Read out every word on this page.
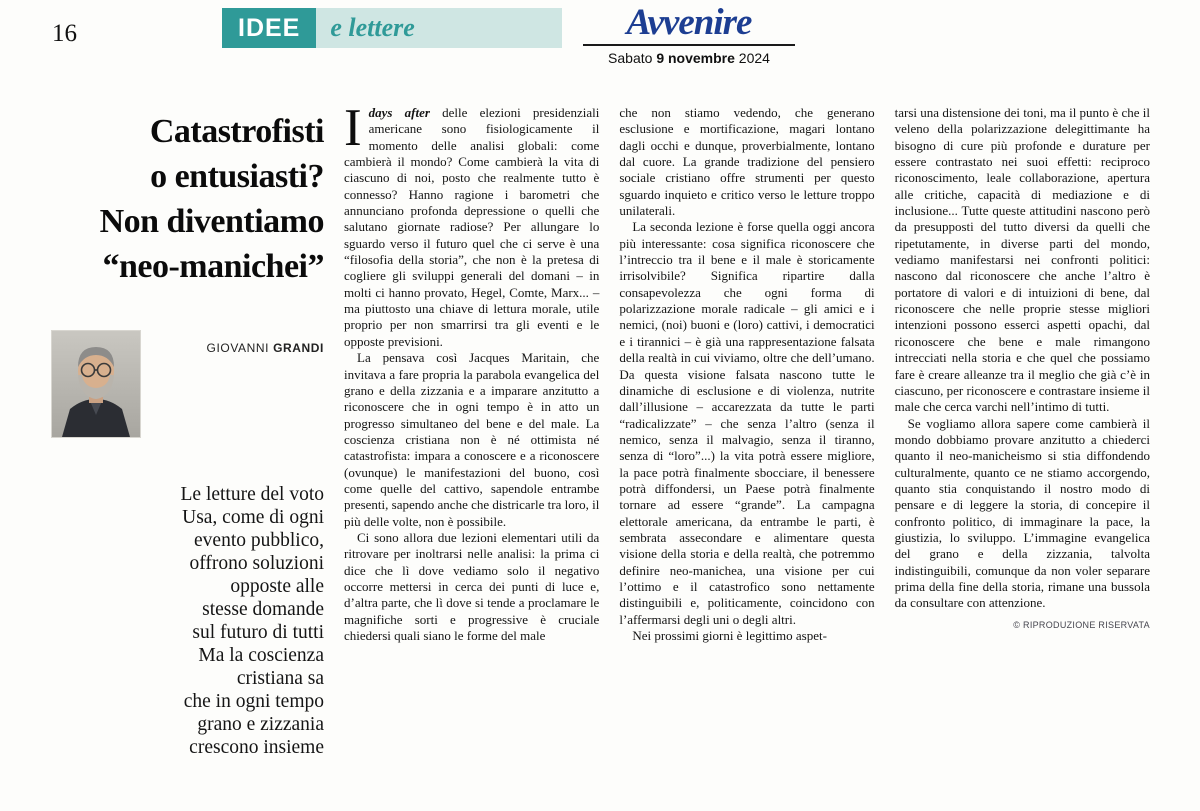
16	IDEE e lettere	Avvenire
Sabato 9 novembre 2024
Catastrofisti
o entusiasti?
Non diventiamo
“neo-manichei”
GIOVANNI GRANDI
Le letture del voto
Usa, come di ogni
evento pubblico,
offrono soluzioni
opposte alle
stesse domande
sul futuro di tutti
Ma la coscienza
cristiana sa
che in ogni tempo
grano e zizzania
crescono insieme

Idays after delle elezioni presidenziali americane sono fisiologicamente il momento delle analisi globali: come cambierà il mondo? Come cambierà la vita di ciascuno di noi, posto che realmente tutto è connesso? Hanno ragione i barometri che annunciano profonda depressione o quelli che salutano giornate radiose? Per allungare lo sguardo verso il futuro quel che ci serve è una “filosofia della storia”, che non è la pretesa di cogliere gli sviluppi generali del domani – in molti ci hanno provato, Hegel, Comte, Marx... – ma piuttosto una chiave di lettura morale, utile proprio per non smarrirsi tra gli eventi e le opposte previsioni.

La pensava così Jacques Maritain, che invitava a fare propria la parabola evangelica del grano e della zizzania e a imparare anzitutto a riconoscere che in ogni tempo è in atto un progresso simultaneo del bene e del male. La coscienza cristiana non è né ottimista né catastrofista: impara a conoscere e a riconoscere (ovunque) le manifestazioni del buono, così come quelle del cattivo, sapendole entrambe presenti, sapendo anche che districarle tra loro, il più delle volte, non è possibile.

Ci sono allora due lezioni elementari utili da ritrovare per inoltrarsi nelle analisi: la prima ci dice che lì dove vediamo solo il negativo occorre mettersi in cerca dei punti di luce e, d’altra parte, che lì dove si tende a proclamare le magnifiche sorti e progressive è cruciale chiedersi quali siano le forme del male

che non stiamo vedendo, che generano esclusione e mortificazione, magari lontano dagli occhi e dunque, proverbialmente, lontano dal cuore. La grande tradizione del pensiero sociale cristiano offre strumenti per questo sguardo inquieto e critico verso le letture troppo unilaterali.

La seconda lezione è forse quella oggi ancora più interessante: cosa significa riconoscere che l’intreccio tra il bene e il male è storicamente irrisolvibile? Significa ripartire dalla consapevolezza che ogni forma di polarizzazione morale radicale – gli amici e i nemici, (noi) buoni e (loro) cattivi, i democratici e i tirannici – è già una rappresentazione falsata della realtà in cui viviamo, oltre che dell’umano. Da questa visione falsata nascono tutte le dinamiche di esclusione e di violenza, nutrite dall’illusione – accarezzata da tutte le parti “radicalizzate” – che senza l’altro (senza il nemico, senza il malvagio, senza il tiranno, senza di “loro”...) la vita potrà essere migliore, la pace potrà finalmente sbocciare, il benessere potrà diffondersi, un Paese potrà finalmente tornare ad essere “grande”. La campagna elettorale americana, da entrambe le parti, è sembrata assecondare e alimentare questa visione della storia e della realtà, che potremmo definire neo-manichea, una visione per cui l’ottimo e il catastrofico sono nettamente distinguibili e, politicamente, coincidono con l’affermarsi degli uni o degli altri.

Nei prossimi giorni è legittimo aspet-

tarsi una distensione dei toni, ma il punto è che il veleno della polarizzazione delegittimante ha bisogno di cure più profonde e durature per essere contrastato nei suoi effetti: reciproco riconoscimento, leale collaborazione, apertura alle critiche, capacità di mediazione e di inclusione... Tutte queste attitudini nascono però da presupposti del tutto diversi da quelli che ripetutamente, in diverse parti del mondo, vediamo manifestarsi nei confronti politici: nascono dal riconoscere che anche l’altro è portatore di valori e di intuizioni di bene, dal riconoscere che nelle proprie stesse migliori intenzioni possono esserci aspetti opachi, dal riconoscere che bene e male rimangono intrecciati nella storia e che quel che possiamo fare è creare alleanze tra il meglio che già c’è in ciascuno, per riconoscere e contrastare insieme il male che cerca varchi nell’intimo di tutti.

Se vogliamo allora sapere come cambierà il mondo dobbiamo provare anzitutto a chiederci quanto il neo-manicheismo si stia diffondendo culturalmente, quanto ce ne stiamo accorgendo, quanto stia conquistando il nostro modo di pensare e di leggere la storia, di concepire il confronto politico, di immaginare la pace, la giustizia, lo sviluppo. L’immagine evangelica del grano e della zizzania, talvolta indistinguibili, comunque da non voler separare prima della fine della storia, rimane una bussola da consultare con attenzione.

© RIPRODUZIONE RISERVATA
